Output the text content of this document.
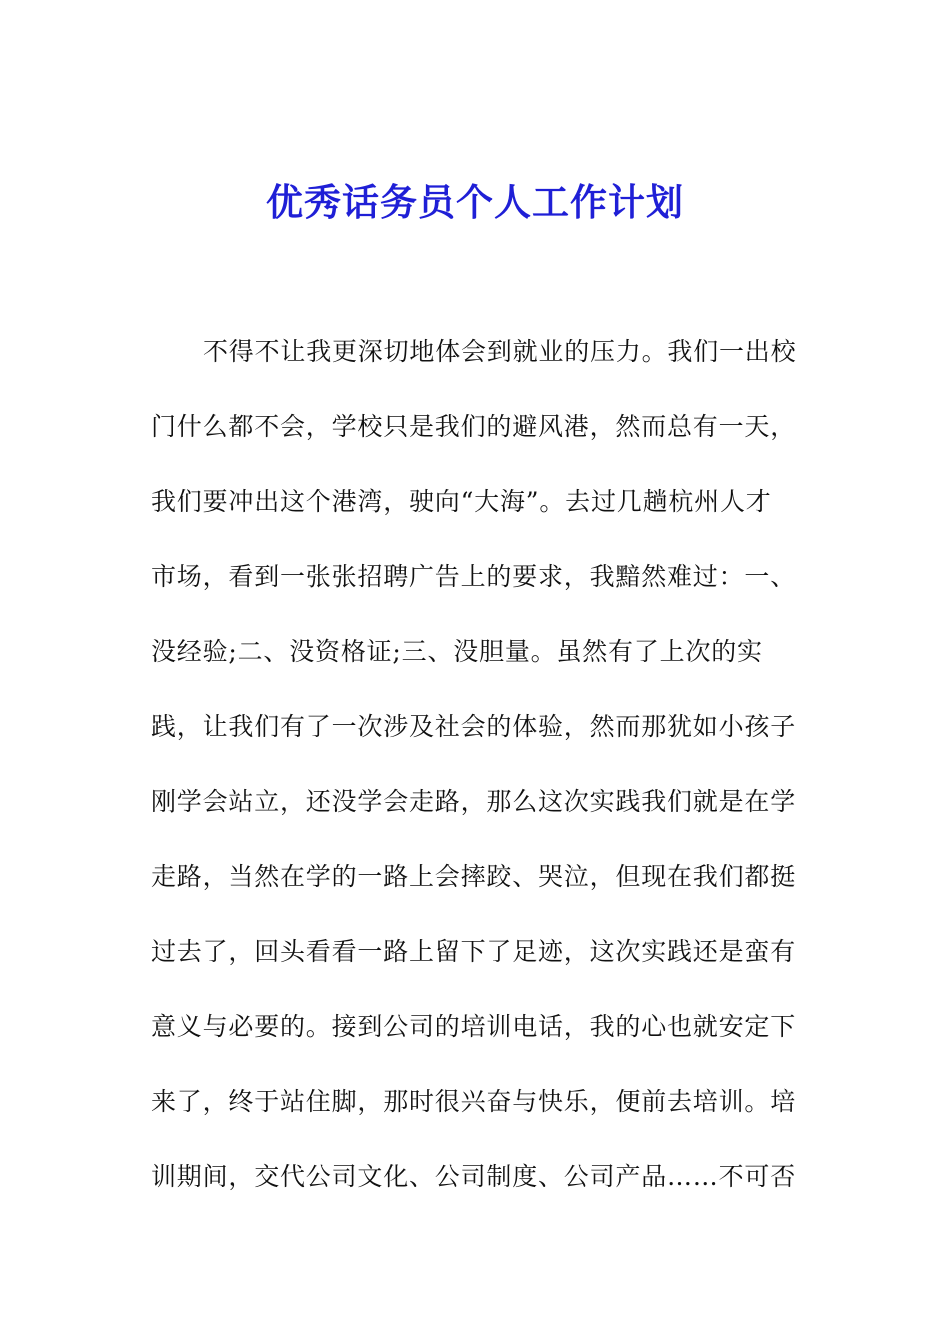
优秀话务员个人工作计划
不得不让我更深切地体会到就业的压力。我们一出校
门什么都不会，学校只是我们的避风港，然而总有一天，
我们要冲出这个港湾，驶向“大海”。去过几趟杭州人才
市场，看到一张张招聘广告上的要求，我黯然难过：一、
没经验;二、没资格证;三、没胆量。虽然有了上次的实
践，让我们有了一次涉及社会的体验，然而那犹如小孩子
刚学会站立，还没学会走路，那么这次实践我们就是在学
走路，当然在学的一路上会摔跤、哭泣，但现在我们都挺
过去了，回头看看一路上留下了足迹，这次实践还是蛮有
意义与必要的。接到公司的培训电话，我的心也就安定下
来了，终于站住脚，那时很兴奋与快乐，便前去培训。培
训期间，交代公司文化、公司制度、公司产品……不可否
